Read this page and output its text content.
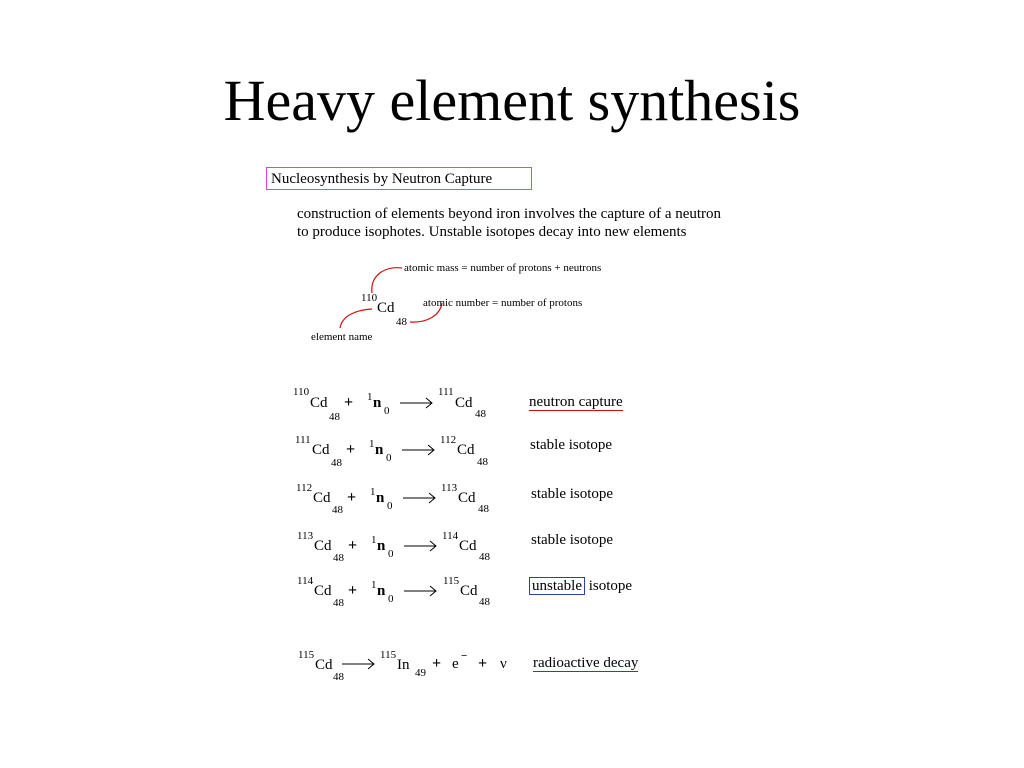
Heavy element synthesis
Nucleosynthesis by Neutron Capture
construction of elements beyond iron involves the capture of a neutron
to produce isophotes. Unstable isotopes decay into new elements
110
Cd
48
atomic mass = number of protons + neutrons
atomic number = number of protons
element name
110
Cd
48
+ 1 n 0
111
Cd
48
neutron capture
111
Cd
48
+ 1 n 0
112
Cd
48
stable isotope
112
Cd
48
+ 1 n 0
113
Cd
48
stable isotope
113
Cd
48
+ 1 n 0
114
Cd
48
stable isotope
114
Cd
48
+ 1 n 0
115
Cd
48
unstable isotope
115
Cd
48
115
In 49
+ e − + ν radioactive decay
